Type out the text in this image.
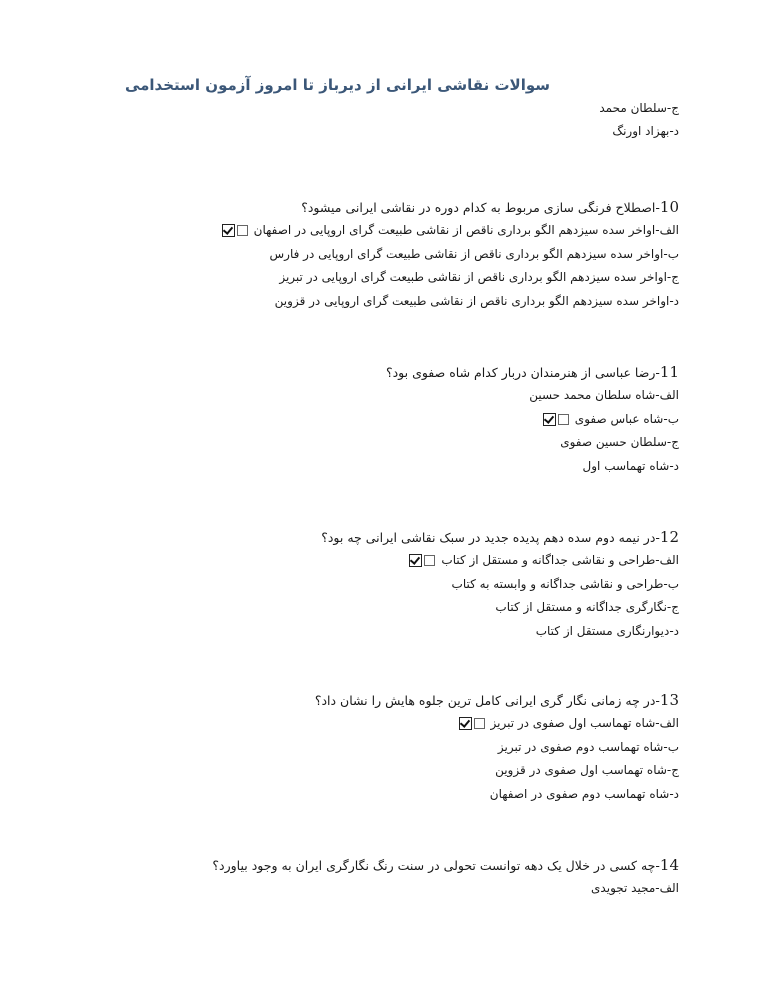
سوالات نقاشی ایرانی از دیرباز تا امروز آزمون استخدامی
ج-سلطان محمد
د-بهزاد اورنگ
10-اصطلاح فرنگی سازی مربوط به کدام دوره در نقاشی ایرانی میشود؟
الف-اواخر سده سیزدهم الگو برداری ناقص از نقاشی طبیعت گرای اروپایی در اصفهان
ب-اواخر سده سیزدهم الگو برداری ناقص از نقاشی طبیعت گرای اروپایی در فارس
ج-اواخر سده سیزدهم الگو برداری ناقص از نقاشی طبیعت گرای اروپایی در تبریز
د-اواخر سده سیزدهم الگو برداری ناقص از نقاشی طبیعت گرای اروپایی در قزوین
11-رضا عباسی از هنرمندان دربار کدام شاه صفوی بود؟
الف-شاه سلطان محمد حسین
ب-شاه عباس صفوی
ج-سلطان حسین صفوی
د-شاه تهماسب اول
12-در نیمه دوم سده دهم پدیده جدید در سبک نقاشی ایرانی چه بود؟
الف-طراحی و نقاشی جداگانه و مستقل از کتاب
ب-طراحی و نقاشی جداگانه و وابسته به کتاب
ج-نگارگری جداگانه و مستقل از کتاب
د-دیوارنگاری مستقل از کتاب
13-در چه زمانی نگار گری ایرانی کامل ترین جلوه هایش را نشان داد؟
الف-شاه تهماسب اول صفوی در تبریز
ب-شاه تهماسب دوم صفوی در تبریز
ج-شاه تهماسب اول صفوی در قزوین
د-شاه تهماسب دوم صفوی در اصفهان
14-چه کسی در خلال یک دهه توانست تحولی در سنت رنگ نگارگری ایران به وجود بیاورد؟
الف-مجید تجویدی
